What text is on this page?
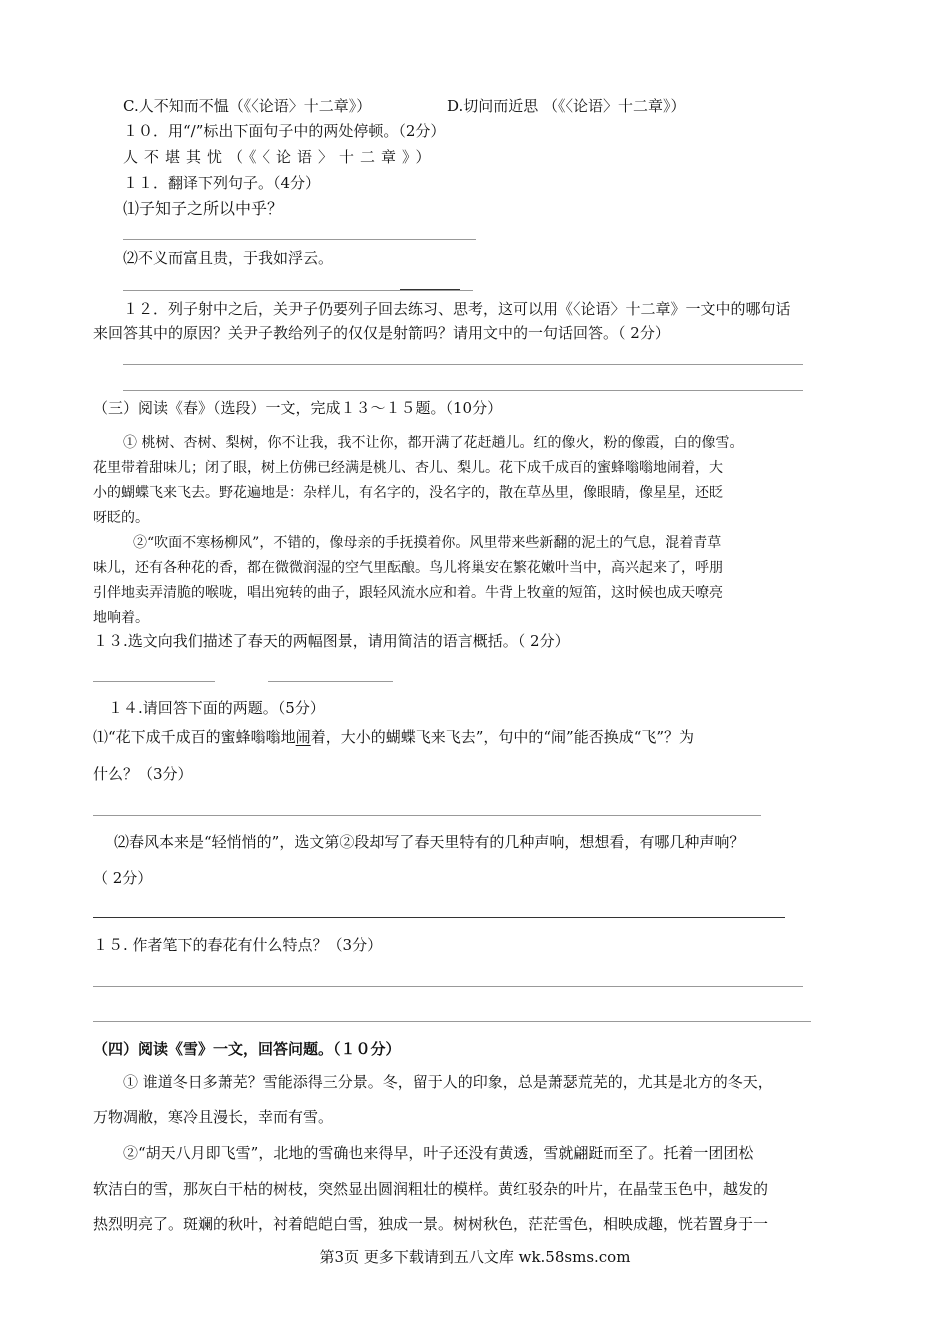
C.人不知而不愠（《〈论语〉十二章》）	D.切问而近思 （《〈论语〉十二章》）
１０．用“/”标出下面句子中的两处停顿。（2分）
人不堪其忧（《〈论语〉十二章》）
１１．翻译下列句子。（4分）
⑴子知子之所以中乎？
⑵不义而富且贵，于我如浮云。
１２．列子射中之后，关尹子仍要列子回去练习、思考，这可以用《〈论语〉十二章》一文中的哪句话
来回答其中的原因？关尹子教给列子的仅仅是射箭吗？请用文中的一句话回答。（ 2分）
（三）阅读《春》（选段）一文，完成１３～１５题。（10分）
① 桃树、杏树、梨树，你不让我，我不让你，都开满了花赶趟儿。红的像火，粉的像霞，白的像雪。
花里带着甜味儿；闭了眼，树上仿佛已经满是桃儿、杏儿、梨儿。花下成千成百的蜜蜂嗡嗡地闹着，大
小的蝴蝶飞来飞去。野花遍地是：杂样儿，有名字的，没名字的，散在草丛里，像眼睛，像星星，还眨
呀眨的。
②“吹面不寒杨柳风”，不错的，像母亲的手抚摸着你。风里带来些新翻的泥土的气息，混着青草
味儿，还有各种花的香，都在微微润湿的空气里酝酿。鸟儿将巢安在繁花嫩叶当中，高兴起来了，呼朋
引伴地卖弄清脆的喉咙，唱出宛转的曲子，跟轻风流水应和着。牛背上牧童的短笛，这时候也成天嘹亮
地响着。
１３.选文向我们描述了春天的两幅图景，请用简洁的语言概括。（ 2分）
１４.请回答下面的两题。（5分）
⑴“花下成千成百的蜜蜂嗡嗡地闹着，大小的蝴蝶飞来飞去”，句中的“闹”能否换成“飞”？为
什么？（3分）
⑵春风本来是“轻悄悄的”，选文第②段却写了春天里特有的几种声响，想想看，有哪几种声响？
（ 2分）
１５. 作者笔下的春花有什么特点？（3分）
（四）阅读《雪》一文，回答问题。（１０分）
① 谁道冬日多萧芜？雪能添得三分景。冬，留于人的印象，总是萧瑟荒芜的，尤其是北方的冬天，
万物凋敝，寒冷且漫长，幸而有雪。
②“胡天八月即飞雪”，北地的雪确也来得早，叶子还没有黄透，雪就翩跹而至了。托着一团团松
软洁白的雪，那灰白干枯的树枝，突然显出圆润粗壮的模样。黄红驳杂的叶片，在晶莹玉色中，越发的
热烈明亮了。斑斓的秋叶，衬着皑皑白雪，独成一景。树树秋色，茫茫雪色，相映成趣，恍若置身于一
第3页 更多下载请到五八文库 wk.58sms.com
